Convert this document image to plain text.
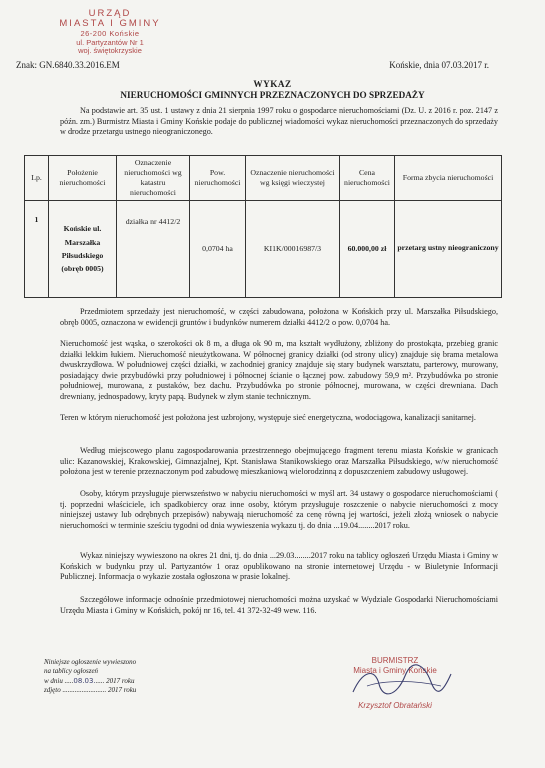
URZĄD
MIASTA I GMINY
26-200 Końskie
ul. Partyzantów Nr 1
woj. świętokrzyskie
Końskie, dnia 07.03.2017 r.
Znak: GN.6840.33.2016.EM
WYKAZ
NIERUCHOMOŚCI GMINNYCH PRZEZNACZONYCH DO SPRZEDAŻY
Na podstawie art. 35 ust. 1 ustawy z dnia 21 sierpnia 1997 roku o gospodarce nieruchomościami (Dz. U. z 2016 r. poz. 2147 z późn. zm.) Burmistrz Miasta i Gminy Końskie podaje do publicznej wiadomości wykaz nieruchomości przeznaczonych do sprzedaży w drodze przetargu ustnego nieograniczonego.
Lp.	Położenie nieruchomości	Oznaczenie nieruchomości wg katastru nieruchomości	Pow. nieruchomości	Oznaczenie nieruchomości wg księgi wieczystej	Cena nieruchomości	Forma zbycia nieruchomości
1	Końskie ul. Marszałka Piłsudskiego (obręb 0005)	działka nr 4412/2	0,0704 ha	KI1K/00016987/3	60.000,00 zł	przetarg ustny nieograniczony
Przedmiotem sprzedaży jest nieruchomość, w części zabudowana, położona w Końskich przy ul. Marszałka Piłsudskiego, obręb 0005, oznaczona w ewidencji gruntów i budynków numerem działki 4412/2 o pow. 0,0704 ha.
Nieruchomość jest wąska, o szerokości ok 8 m, a długa ok 90 m, ma kształt wydłużony, zbliżony do prostokąta, przebieg granic działki lekkim łukiem. Nieruchomość nieużytkowana. W północnej granicy działki (od strony ulicy) znajduje się brama metalowa dwuskrzydłowa. W południowej części działki, w zachodniej granicy znajduje się stary budynek warsztatu, parterowy, murowany, posiadający dwie przybudówki przy południowej i północnej ścianie o łącznej pow. zabudowy 59,9 m². Przybudówka po stronie południowej, murowana, z pustaków, bez dachu. Przybudówka po stronie północnej, murowana, w części drewniana. Dach drewniany, jednospadowy, kryty papą. Budynek w złym stanie technicznym.
Teren w którym nieruchomość jest położona jest uzbrojony, występuje sieć energetyczna, wodociągowa, kanalizacji sanitarnej.
Według miejscowego planu zagospodarowania przestrzennego obejmującego fragment terenu miasta Końskie w granicach ulic: Kazanowskiej, Krakowskiej, Gimnazjalnej, Kpt. Stanisława Stanikowskiego oraz Marszałka Piłsudskiego, w/w nieruchomość położona jest w terenie przeznaczonym pod zabudowę mieszkaniową wielorodzinną z dopuszczeniem zabudowy usługowej.
Osoby, którym przysługuje pierwszeństwo w nabyciu nieruchomości w myśl art. 34 ustawy o gospodarce nieruchomościami ( tj. poprzedni właściciele, ich spadkobiercy oraz inne osoby, którym przysługuje roszczenie o nabycie nieruchomości z mocy niniejszej ustawy lub odrębnych przepisów) nabywają nieruchomość za cenę równą jej wartości, jeżeli złożą wniosek o nabycie nieruchomości w terminie sześciu tygodni od dnia wywieszenia wykazu tj. do dnia ...19.04........2017 roku.
Wykaz niniejszy wywieszono na okres 21 dni, tj. do dnia ...29.03........2017 roku na tablicy ogłoszeń Urzędu Miasta i Gminy w Końskich w budynku przy ul. Partyzantów 1 oraz opublikowano na stronie internetowej Urzędu - w Biuletynie Informacji Publicznej. Informacja o wykazie została ogłoszona w prasie lokalnej.
Szczegółowe informacje odnośnie przedmiotowej nieruchomości można uzyskać w Wydziale Gospodarki Nieruchomościami Urzędu Miasta i Gminy w Końskich, pokój nr 16, tel. 41 372-32-49 wew. 116.
Niniejsze ogłoszenie wywieszono
na tablicy ogłoszeń
w dniu .....08.03...... 2017 roku
zdjęto ......................... 2017 roku
BURMISTRZ
Miasta i Gminy Końskie
Krzysztof Obratański
